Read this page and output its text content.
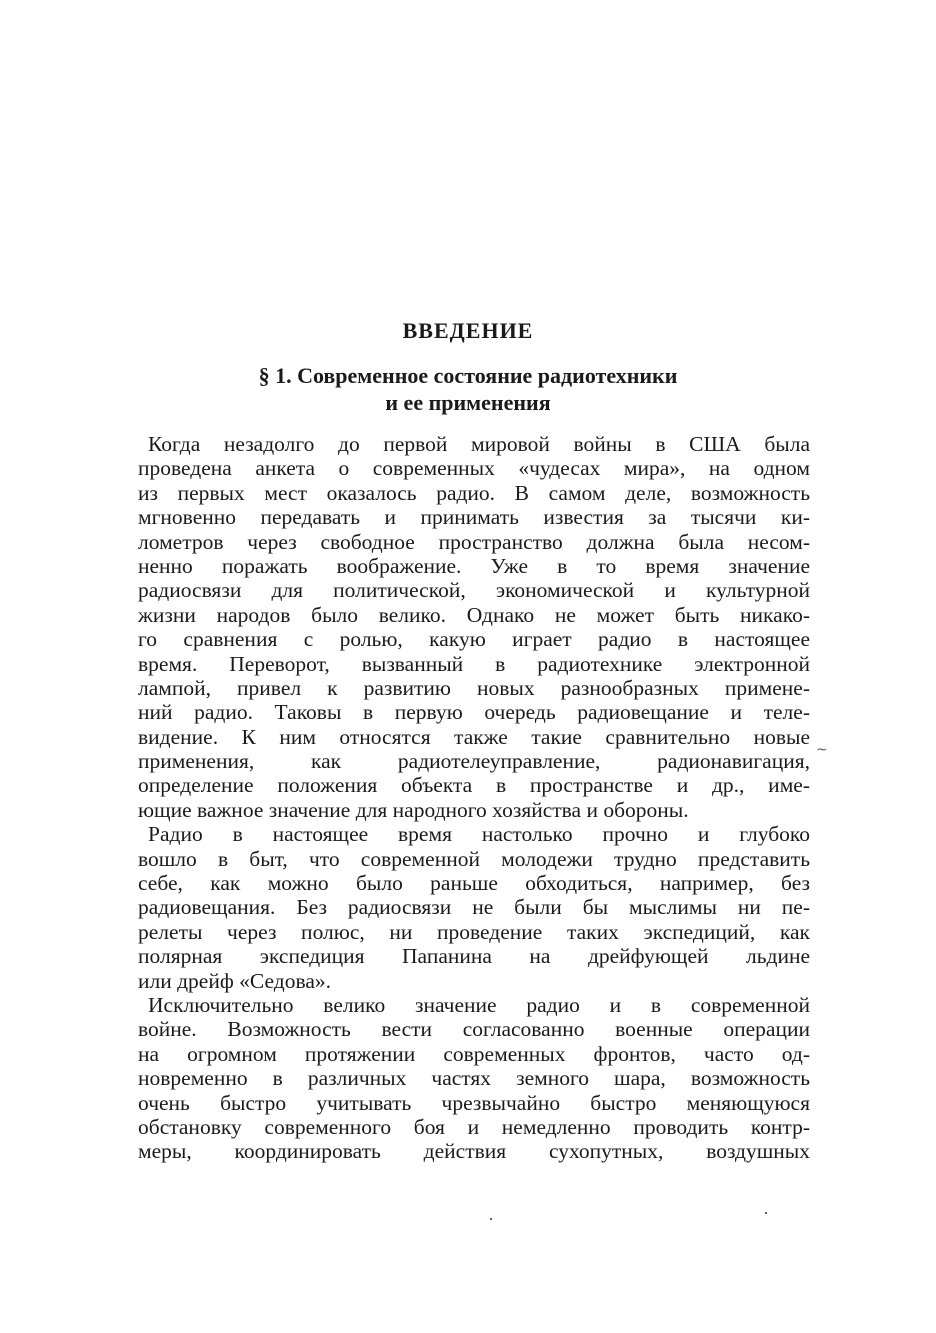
ВВЕДЕНИЕ
§ 1. Современное состояние радиотехники
и ее применения
Когда незадолго до первой мировой войны в США была
проведена анкета о современных «чудесах мира», на одном
из первых мест оказалось радио. В самом деле, возможность
мгновенно передавать и принимать известия за тысячи ки-
лометров через свободное пространство должна была несом-
ненно поражать воображение. Уже в то время значение
радиосвязи для политической, экономической и культурной
жизни народов было велико. Однако не может быть никако-
го сравнения с ролью, какую играет радио в настоящее
время. Переворот, вызванный в радиотехнике электронной
лампой, привел к развитию новых разнообразных примене-
ний радио. Таковы в первую очередь радиовещание и теле-
видение. К ним относятся также такие сравнительно новые
применения, как радиотелеуправление, радионавигация,
определение положения объекта в пространстве и др., име-
ющие важное значение для народного хозяйства и обороны.
Радио в настоящее время настолько прочно и глубоко
вошло в быт, что современной молодежи трудно представить
себе, как можно было раньше обходиться, например, без
радиовещания. Без радиосвязи не были бы мыслимы ни пе-
релеты через полюс, ни проведение таких экспедиций, как
полярная экспедиция Папанина на дрейфующей льдине
или дрейф «Седова».
Исключительно велико значение радио и в современной
войне. Возможность вести согласованно военные операции
на огромном протяжении современных фронтов, часто од-
новременно в различных частях земного шара, возможность
очень быстро учитывать чрезвычайно быстро меняющуюся
обстановку современного боя и немедленно проводить контр-
меры, координировать действия сухопутных, воздушных
~
